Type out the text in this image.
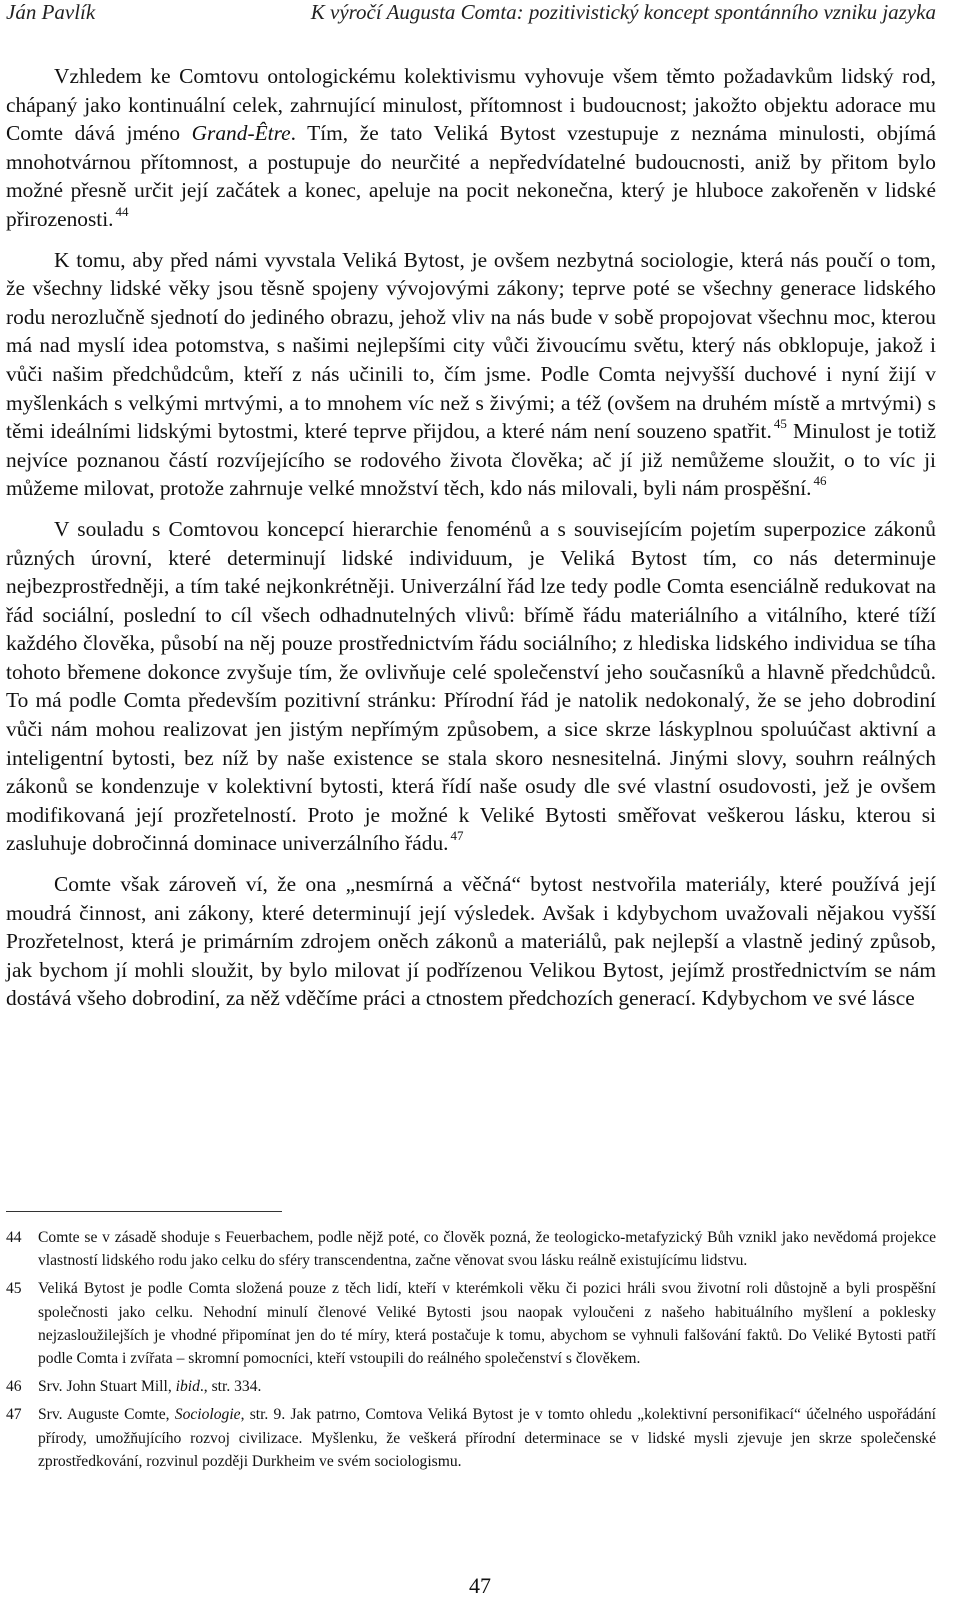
Ján Pavlík	K výročí Augusta Comta: pozitivistický koncept spontánního vzniku jazyka

Vzhledem ke Comtovu ontologickému kolektivismu vyhovuje všem těmto požadavkům lidský rod, chápaný jako kontinuální celek, zahrnující minulost, přítomnost i budoucnost; jakožto objektu adorace mu Comte dává jméno Grand-Être. Tím, že tato Veliká Bytost vzestupuje z neznáma minulosti, objímá mnohotvárnou přítomnost, a postupuje do neurčité a nepředvídatelné budoucnosti, aniž by přitom bylo možné přesně určit její začátek a konec, apeluje na pocit nekonečna, který je hluboce zakořeněn v lidské přirozenosti. $^{44}$

K tomu, aby před námi vyvstala Veliká Bytost, je ovšem nezbytná sociologie, která nás poučí o tom, že všechny lidské věky jsou těsně spojeny vývojovými zákony; teprve poté se všechny generace lidského rodu nerozlučně sjednotí do jediného obrazu, jehož vliv na nás bude v sobě propojovat všechnu moc, kterou má nad myslí idea potomstva, s našimi nejlepšími city vůči živoucímu světu, který nás obklopuje, jakož i vůči našim předchůdcům, kteří z nás učinili to, čím jsme. Podle Comta nejvyšší duchové i nyní žijí v myšlenkách s velkými mrtvými, a to mnohem víc než s živými; a též (ovšem na druhém místě a mrtvými) s těmi ideálními lidskými bytostmi, které teprve přijdou, a které nám není souzeno spatřit. $^{45}$ Minulost je totiž nejvíce poznanou částí rozvíjejícího se rodového života člověka; ač jí již nemůžeme sloužit, o to víc ji můžeme milovat, protože zahrnuje velké množství těch, kdo nás milovali, byli nám prospěšní. $^{46}$

V souladu s Comtovou koncepcí hierarchie fenoménů a s souvisejícím pojetím superpozice zákonů různých úrovní, které determinují lidské individuum, je Veliká Bytost tím, co nás determinuje nejbezprostředněji, a tím také nejkonkrétněji. Univerzální řád lze tedy podle Comta esenciálně redukovat na řád sociální, poslední to cíl všech odhadnutelných vlivů: břímě řádu materiálního a vitálního, které tíží každého člověka, působí na něj pouze prostřednictvím řádu sociálního; z hlediska lidského individua se tíha tohoto břemene dokonce zvyšuje tím, že ovlivňuje celé společenství jeho současníků a hlavně předchůdců. To má podle Comta především pozitivní stránku: Přírodní řád je natolik nedokonalý, že se jeho dobrodiní vůči nám mohou realizovat jen jistým nepřímým způsobem, a sice skrze láskyplnou spoluúčast aktivní a inteligentní bytosti, bez níž by naše existence se stala skoro nesnesitelná. Jinými slovy, souhrn reálných zákonů se kondenzuje v kolektivní bytosti, která řídí naše osudy dle své vlastní osudovosti, jež je ovšem modifikovaná její prozřetelností. Proto je možné k Veliké Bytosti směřovat veškerou lásku, kterou si zasluhuje dobročinná dominace univerzálního řádu. $^{47}$

Comte však zároveň ví, že ona „nesmírná a věčná“ bytost nestvořila materiály, které používá její moudrá činnost, ani zákony, které determinují její výsledek. Avšak i kdybychom uvažovali nějakou vyšší Prozřetelnost, která je primárním zdrojem oněch zákonů a materiálů, pak nejlepší a vlastně jediný způsob, jak bychom jí mohli sloužit, by bylo milovat jí podřízenou Velikou Bytost, jejímž prostřednictvím se nám dostává všeho dobrodiní, za něž vděčíme práci a ctnostem předchozích generací. Kdybychom ve své lásce

44 Comte se v zásadě shoduje s Feuerbachem, podle nějž poté, co člověk pozná, že teologicko-metafyzický Bůh vznikl jako nevědomá projekce vlastností lidského rodu jako celku do sféry transcendentna, začne věnovat svou lásku reálně existujícímu lidstvu.
45 Veliká Bytost je podle Comta složená pouze z těch lidí, kteří v kterémkoli věku či pozici hráli svou životní roli důstojně a byli prospěšní společnosti jako celku. Nehodní minulí členové Veliké Bytosti jsou naopak vyloučeni z našeho habituálního myšlení a poklesky nejzasloužilejších je vhodné připomínat jen do té míry, která postačuje k tomu, abychom se vyhnuli falšování faktů. Do Veliké Bytosti patří podle Comta i zvířata – skromní pomocníci, kteří vstoupili do reálného společenství s člověkem.
46 Srv. John Stuart Mill, ibid., str. 334.
47 Srv. Auguste Comte, Sociologie, str. 9. Jak patrno, Comtova Veliká Bytost je v tomto ohledu „kolektivní personifikací“ účelného uspořádání přírody, umožňujícího rozvoj civilizace. Myšlenku, že veškerá přírodní determinace se v lidské mysli zjevuje jen skrze společenské zprostředkování, rozvinul později Durkheim ve svém sociologismu.
47
